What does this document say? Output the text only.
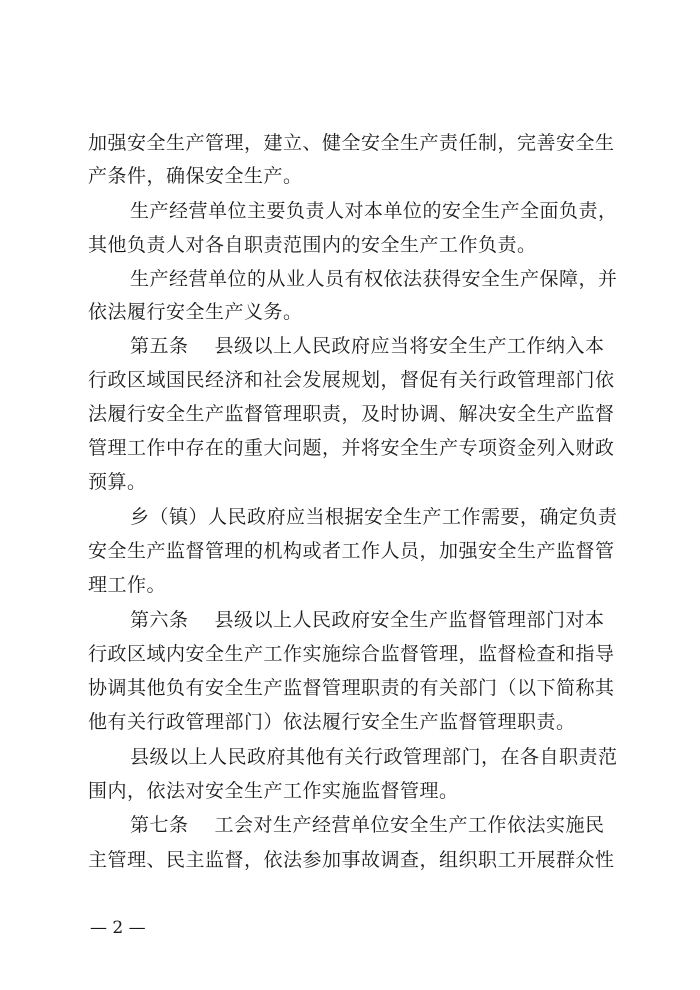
加强安全生产管理，建立、健全安全生产责任制，完善安全生
产条件，确保安全生产。
生产经营单位主要负责人对本单位的安全生产全面负责，
其他负责人对各自职责范围内的安全生产工作负责。
生产经营单位的从业人员有权依法获得安全生产保障，并
依法履行安全生产义务。
第五条 县级以上人民政府应当将安全生产工作纳入本
行政区域国民经济和社会发展规划，督促有关行政管理部门依
法履行安全生产监督管理职责，及时协调、解决安全生产监督
管理工作中存在的重大问题，并将安全生产专项资金列入财政
预算。
乡（镇）人民政府应当根据安全生产工作需要，确定负责
安全生产监督管理的机构或者工作人员，加强安全生产监督管
理工作。
第六条 县级以上人民政府安全生产监督管理部门对本
行政区域内安全生产工作实施综合监督管理，监督检查和指导
协调其他负有安全生产监督管理职责的有关部门（以下简称其
他有关行政管理部门）依法履行安全生产监督管理职责。
县级以上人民政府其他有关行政管理部门，在各自职责范
围内，依法对安全生产工作实施监督管理。
第七条 工会对生产经营单位安全生产工作依法实施民
主管理、民主监督，依法参加事故调查，组织职工开展群众性
— 2 —
